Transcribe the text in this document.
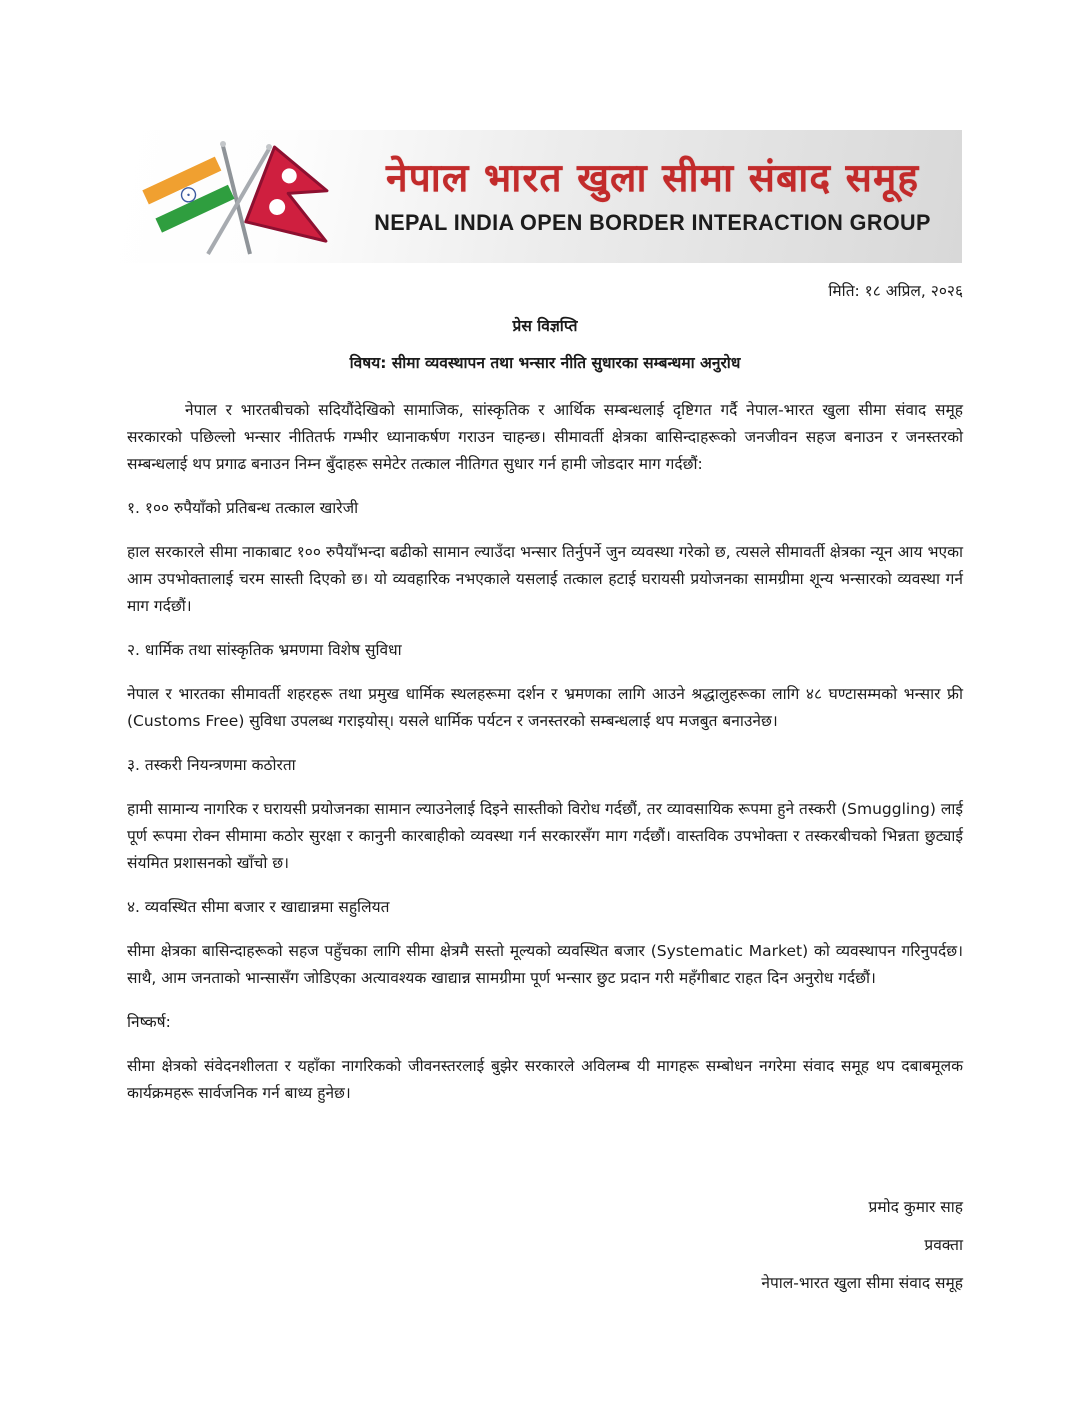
नेपाल भारत खुला सीमा संबाद समूह
NEPAL INDIA OPEN BORDER INTERACTION GROUP
मिति: १८ अप्रिल, २०२६
प्रेस विज्ञप्ति
विषय: सीमा व्यवस्थापन तथा भन्सार नीति सुधारका सम्बन्धमा अनुरोध

नेपाल र भारतबीचको सदियौंदेखिको सामाजिक, सांस्कृतिक र आर्थिक सम्बन्धलाई दृष्टिगत गर्दै नेपाल-भारत खुला सीमा संवाद समूह सरकारको पछिल्लो भन्सार नीतितर्फ गम्भीर ध्यानाकर्षण गराउन चाहन्छ। सीमावर्ती क्षेत्रका बासिन्दाहरूको जनजीवन सहज बनाउन र जनस्तरको सम्बन्धलाई थप प्रगाढ बनाउन निम्न बुँदाहरू समेटेर तत्काल नीतिगत सुधार गर्न हामी जोडदार माग गर्दछौं:

१. १०० रुपैयाँको प्रतिबन्ध तत्काल खारेजी

हाल सरकारले सीमा नाकाबाट १०० रुपैयाँभन्दा बढीको सामान ल्याउँदा भन्सार तिर्नुपर्ने जुन व्यवस्था गरेको छ, त्यसले सीमावर्ती क्षेत्रका न्यून आय भएका आम उपभोक्तालाई चरम सास्ती दिएको छ। यो व्यवहारिक नभएकाले यसलाई तत्काल हटाई घरायसी प्रयोजनका सामग्रीमा शून्य भन्सारको व्यवस्था गर्न माग गर्दछौं।

२. धार्मिक तथा सांस्कृतिक भ्रमणमा विशेष सुविधा

नेपाल र भारतका सीमावर्ती शहरहरू तथा प्रमुख धार्मिक स्थलहरूमा दर्शन र भ्रमणका लागि आउने श्रद्धालुहरूका लागि ४८ घण्टासम्मको भन्सार फ्री (Customs Free) सुविधा उपलब्ध गराइयोस्। यसले धार्मिक पर्यटन र जनस्तरको सम्बन्धलाई थप मजबुत बनाउनेछ।

३. तस्करी नियन्त्रणमा कठोरता

हामी सामान्य नागरिक र घरायसी प्रयोजनका सामान ल्याउनेलाई दिइने सास्तीको विरोध गर्दछौं, तर व्यावसायिक रूपमा हुने तस्करी (Smuggling) लाई पूर्ण रूपमा रोक्न सीमामा कठोर सुरक्षा र कानुनी कारबाहीको व्यवस्था गर्न सरकारसँग माग गर्दछौं। वास्तविक उपभोक्ता र तस्करबीचको भिन्नता छुट्याई संयमित प्रशासनको खाँचो छ।

४. व्यवस्थित सीमा बजार र खाद्यान्नमा सहुलियत

सीमा क्षेत्रका बासिन्दाहरूको सहज पहुँचका लागि सीमा क्षेत्रमै सस्तो मूल्यको व्यवस्थित बजार (Systematic Market) को व्यवस्थापन गरिनुपर्दछ। साथै, आम जनताको भान्सासँग जोडिएका अत्यावश्यक खाद्यान्न सामग्रीमा पूर्ण भन्सार छुट प्रदान गरी महँगीबाट राहत दिन अनुरोध गर्दछौं।

निष्कर्ष:

सीमा क्षेत्रको संवेदनशीलता र यहाँका नागरिकको जीवनस्तरलाई बुझेर सरकारले अविलम्ब यी मागहरू सम्बोधन नगरेमा संवाद समूह थप दबाबमूलक कार्यक्रमहरू सार्वजनिक गर्न बाध्य हुनेछ।

प्रमोद कुमार साह
प्रवक्ता
नेपाल-भारत खुला सीमा संवाद समूह
